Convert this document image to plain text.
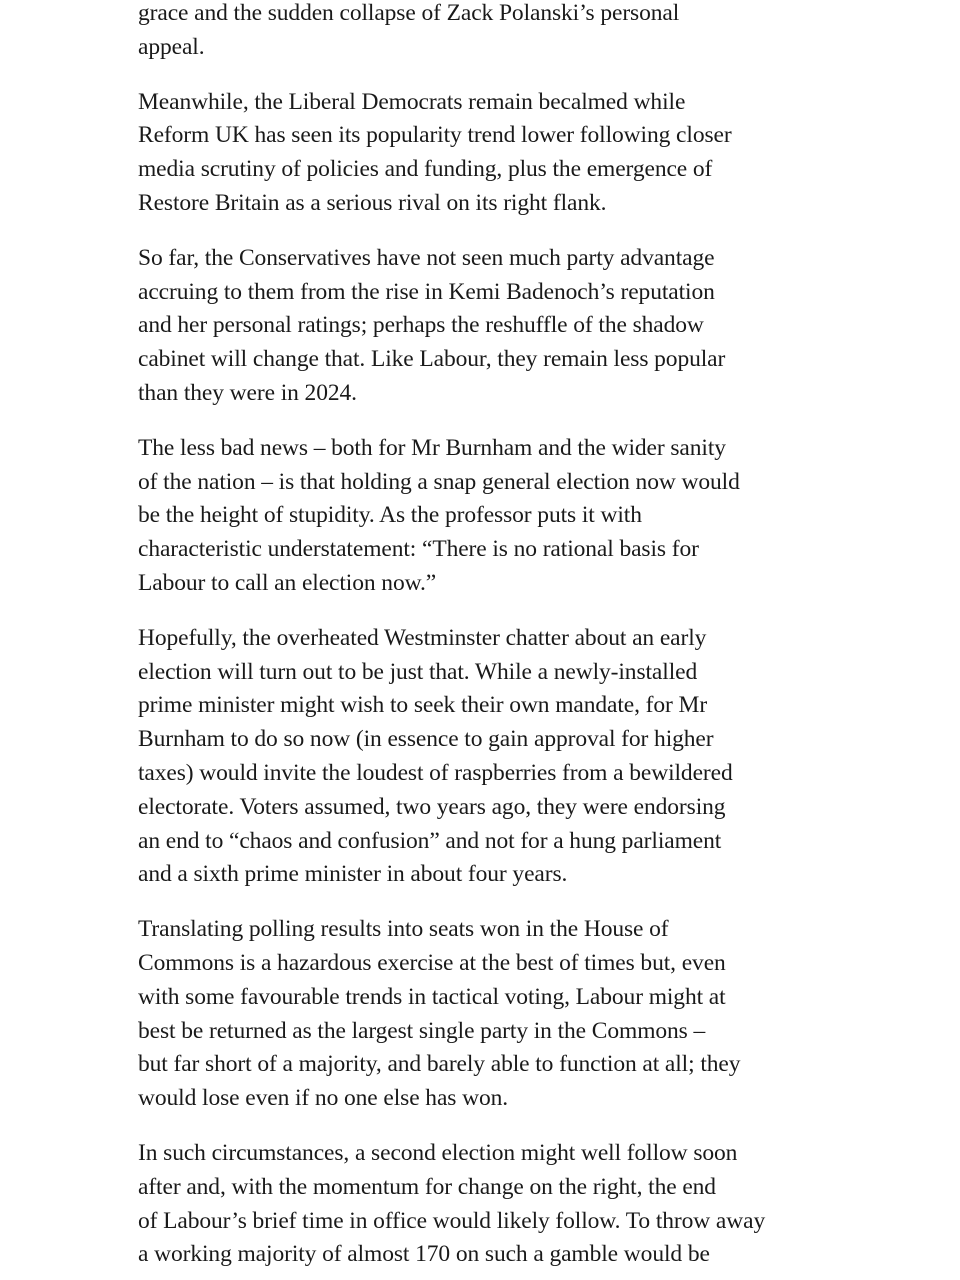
grace and the sudden collapse of Zack Polanski’s personal
appeal.

Meanwhile, the Liberal Democrats remain becalmed while
Reform UK has seen its popularity trend lower following closer
media scrutiny of policies and funding, plus the emergence of
Restore Britain as a serious rival on its right flank.

So far, the Conservatives have not seen much party advantage
accruing to them from the rise in Kemi Badenoch’s reputation
and her personal ratings; perhaps the reshuffle of the shadow
cabinet will change that. Like Labour, they remain less popular
than they were in 2024.

The less bad news – both for Mr Burnham and the wider sanity
of the nation – is that holding a snap general election now would
be the height of stupidity. As the professor puts it with
characteristic understatement: “There is no rational basis for
Labour to call an election now.”

Hopefully, the overheated Westminster chatter about an early
election will turn out to be just that. While a newly-installed
prime minister might wish to seek their own mandate, for Mr
Burnham to do so now (in essence to gain approval for higher
taxes) would invite the loudest of raspberries from a bewildered
electorate. Voters assumed, two years ago, they were endorsing
an end to “chaos and confusion” and not for a hung parliament
and a sixth prime minister in about four years.

Translating polling results into seats won in the House of
Commons is a hazardous exercise at the best of times but, even
with some favourable trends in tactical voting, Labour might at
best be returned as the largest single party in the Commons –
but far short of a majority, and barely able to function at all; they
would lose even if no one else has won.

In such circumstances, a second election might well follow soon
after and, with the momentum for change on the right, the end
of Labour’s brief time in office would likely follow. To throw away
a working majority of almost 170 on such a gamble would be
